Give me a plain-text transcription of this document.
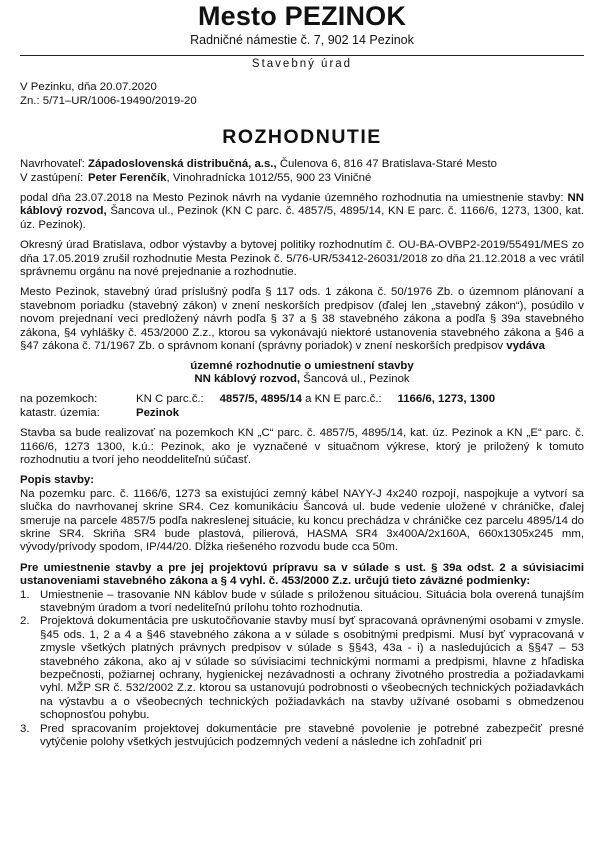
Mesto PEZINOK
Radničné námestie č. 7, 902 14 Pezinok
Stavebný úrad
V Pezinku, dňa 20.07.2020
Zn.: 5/71–UR/1006-19490/2019-20
ROZHODNUTIE
Navrhovateľ: Západoslovenská distribučná, a.s., Čulenova 6, 816 47 Bratislava-Staré Mesto
V zastúpení: Peter Ferenčík, Vinohradnícka 1012/55, 900 23 Viničné

podal dňa 23.07.2018 na Mesto Pezinok návrh na vydanie územného rozhodnutia na umiestnenie stavby: NN káblový rozvod, Šancova ul., Pezinok (KN C parc. č. 4857/5, 4895/14, KN E parc. č. 1166/6, 1273, 1300, kat. úz. Pezinok).

Okresný úrad Bratislava, odbor výstavby a bytovej politiky rozhodnutím č. OU-BA-OVBP2-2019/55491/MES zo dňa 17.05.2019 zrušil rozhodnutie Mesta Pezinok č. 5/76-UR/53412-26031/2018 zo dňa 21.12.2018 a vec vrátil správnemu orgánu na nové prejednanie a rozhodnutie.

Mesto Pezinok, stavebný úrad príslušný podľa § 117 ods. 1 zákona č. 50/1976 Zb. o územnom plánovaní a stavebnom poriadku (stavebný zákon) v znení neskorších predpisov (ďalej len „stavebný zákon“), posúdilo v novom prejednaní veci predložený návrh podľa § 37 a § 38 stavebného zákona a podľa § 39a stavebného zákona, §4 vyhlášky č. 453/2000 Z.z., ktorou sa vykonávajú niektoré ustanovenia stavebného zákona a §46 a §47 zákona č. 71/1967 Zb. o správnom konaní (správny poriadok) v znení neskorších predpisov vydáva

územné rozhodnutie o umiestnení stavby
NN káblový rozvod, Šancová ul., Pezinok
na pozemkoch:	KN C parc.č.: 4857/5, 4895/14 a KN E parc.č.: 1166/6, 1273, 1300
katastr. územia:	Pezinok

Stavba sa bude realizovať na pozemkoch KN „C“ parc. č. 4857/5, 4895/14, kat. úz. Pezinok a KN „E“ parc. č. 1166/6, 1273 1300, k.ú.: Pezinok, ako je vyznačené v situačnom výkrese, ktorý je priložený k tomuto rozhodnutiu a tvorí jeho neoddeliteľnú súčasť.

Popis stavby:

Na pozemku parc. č. 1166/6, 1273 sa existujúci zemný kábel NAYY-J 4x240 rozpojí, naspojkuje a vytvorí sa slučka do navrhovanej skrine SR4. Cez komunikáciu Šancová ul. bude vedenie uložené v chráničke, ďalej smeruje na parcele 4857/5 podľa nakreslenej situácie, ku koncu prechádza v chráničke cez parcelu 4895/14 do skrine SR4. Skriňa SR4 bude plastová, pilierová, HASMA SR4 3x400A/2x160A, 660x1305x245 mm, vývody/prívody spodom, IP/44/20. Dĺžka riešeného rozvodu bude cca 50m.

Pre umiestnenie stavby a pre jej projektovú prípravu sa v súlade s ust. § 39a odst. 2 a súvisiacimi ustanoveniami stavebného zákona a § 4 vyhl. č. 453/2000 Z.z. určujú tieto záväzné podmienky:
1. Umiestnenie – trasovanie NN káblov bude v súlade s priloženou situáciou. Situácia bola overená tunajším stavebným úradom a tvorí nedeliteľnú prílohu tohto rozhodnutia.
2. Projektová dokumentácia pre uskutočňovanie stavby musí byť spracovaná oprávnenými osobami v zmysle. §45 ods. 1, 2 a 4 a §46 stavebného zákona a v súlade s osobitnými predpismi. Musí byť vypracovaná v zmysle všetkých platných právnych predpisov v súlade s §§43, 43a - i) a nasledujúcich a §§47 – 53 stavebného zákona, ako aj v súlade so súvisiacimi technickými normami a predpismi, hlavne z hľadiska bezpečnosti, požiarnej ochrany, hygienickej nezávadnosti a ochrany životného prostredia a požiadavkami vyhl. MŽP SR č. 532/2002 Z.z. ktorou sa ustanovujú podrobnosti o všeobecných technických požiadavkách na výstavbu a o všeobecných technických požiadavkách na stavby užívané osobami s obmedzenou schopnosťou pohybu.
3. Pred spracovaním projektovej dokumentácie pre stavebné povolenie je potrebné zabezpečiť presné vytýčenie polohy všetkých jestvujúcich podzemných vedení a následne ich zohľadniť pri
